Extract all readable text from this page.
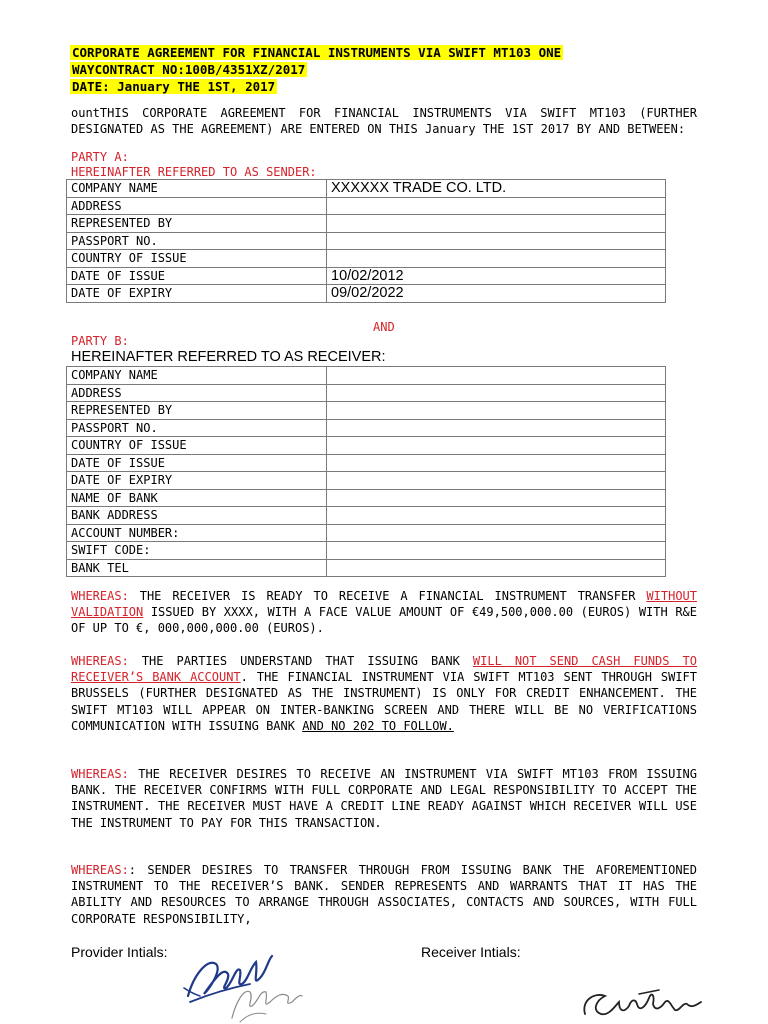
CORPORATE AGREEMENT FOR FINANCIAL INSTRUMENTS VIA SWIFT MT103 ONE
WAYCONTRACT NO:100B/4351XZ/2017
DATE: January THE 1ST, 2017
ountTHIS CORPORATE AGREEMENT FOR FINANCIAL INSTRUMENTS VIA SWIFT MT103 (FURTHER DESIGNATED AS THE AGREEMENT) ARE ENTERED ON THIS January THE 1ST 2017 BY AND BETWEEN:
PARTY A:
HEREINAFTER REFERRED TO AS SENDER:
COMPANY NAME	XXXXXX TRADE CO. LTD.
ADDRESS	
REPRESENTED BY	
PASSPORT NO.	
COUNTRY OF ISSUE	
DATE OF ISSUE	10/02/2012
DATE OF EXPIRY	09/02/2022
AND
PARTY B:
HEREINAFTER REFERRED TO AS RECEIVER:
COMPANY NAME	
ADDRESS	
REPRESENTED BY	
PASSPORT NO.	
COUNTRY OF ISSUE	
DATE OF ISSUE	
DATE OF EXPIRY	
NAME OF BANK	
BANK ADDRESS	
ACCOUNT NUMBER:	
SWIFT CODE:	
BANK TEL	
WHEREAS: THE RECEIVER IS READY TO RECEIVE A FINANCIAL INSTRUMENT TRANSFER WITHOUT VALIDATION ISSUED BY XXXX, WITH A FACE VALUE AMOUNT OF €49,500,000.00 (EUROS) WITH R&E OF UP TO €, 000,000,000.00 (EUROS).
WHEREAS: THE PARTIES UNDERSTAND THAT ISSUING BANK WILL NOT SEND CASH FUNDS TO RECEIVER’S BANK ACCOUNT. THE FINANCIAL INSTRUMENT VIA SWIFT MT103 SENT THROUGH SWIFT BRUSSELS (FURTHER DESIGNATED AS THE INSTRUMENT) IS ONLY FOR CREDIT ENHANCEMENT. THE SWIFT MT103 WILL APPEAR ON INTER-BANKING SCREEN AND THERE WILL BE NO VERIFICATIONS COMMUNICATION WITH ISSUING BANK AND NO 202 TO FOLLOW.
WHEREAS: THE RECEIVER DESIRES TO RECEIVE AN INSTRUMENT VIA SWIFT MT103 FROM ISSUING BANK. THE RECEIVER CONFIRMS WITH FULL CORPORATE AND LEGAL RESPONSIBILITY TO ACCEPT THE INSTRUMENT. THE RECEIVER MUST HAVE A CREDIT LINE READY AGAINST WHICH RECEIVER WILL USE THE INSTRUMENT TO PAY FOR THIS TRANSACTION.
WHEREAS:: SENDER DESIRES TO TRANSFER THROUGH FROM ISSUING BANK THE AFOREMENTIONED INSTRUMENT TO THE RECEIVER’S BANK. SENDER REPRESENTS AND WARRANTS THAT IT HAS THE ABILITY AND RESOURCES TO ARRANGE THROUGH ASSOCIATES, CONTACTS AND SOURCES, WITH FULL CORPORATE RESPONSIBILITY,
Provider Intials:	Receiver Intials:
